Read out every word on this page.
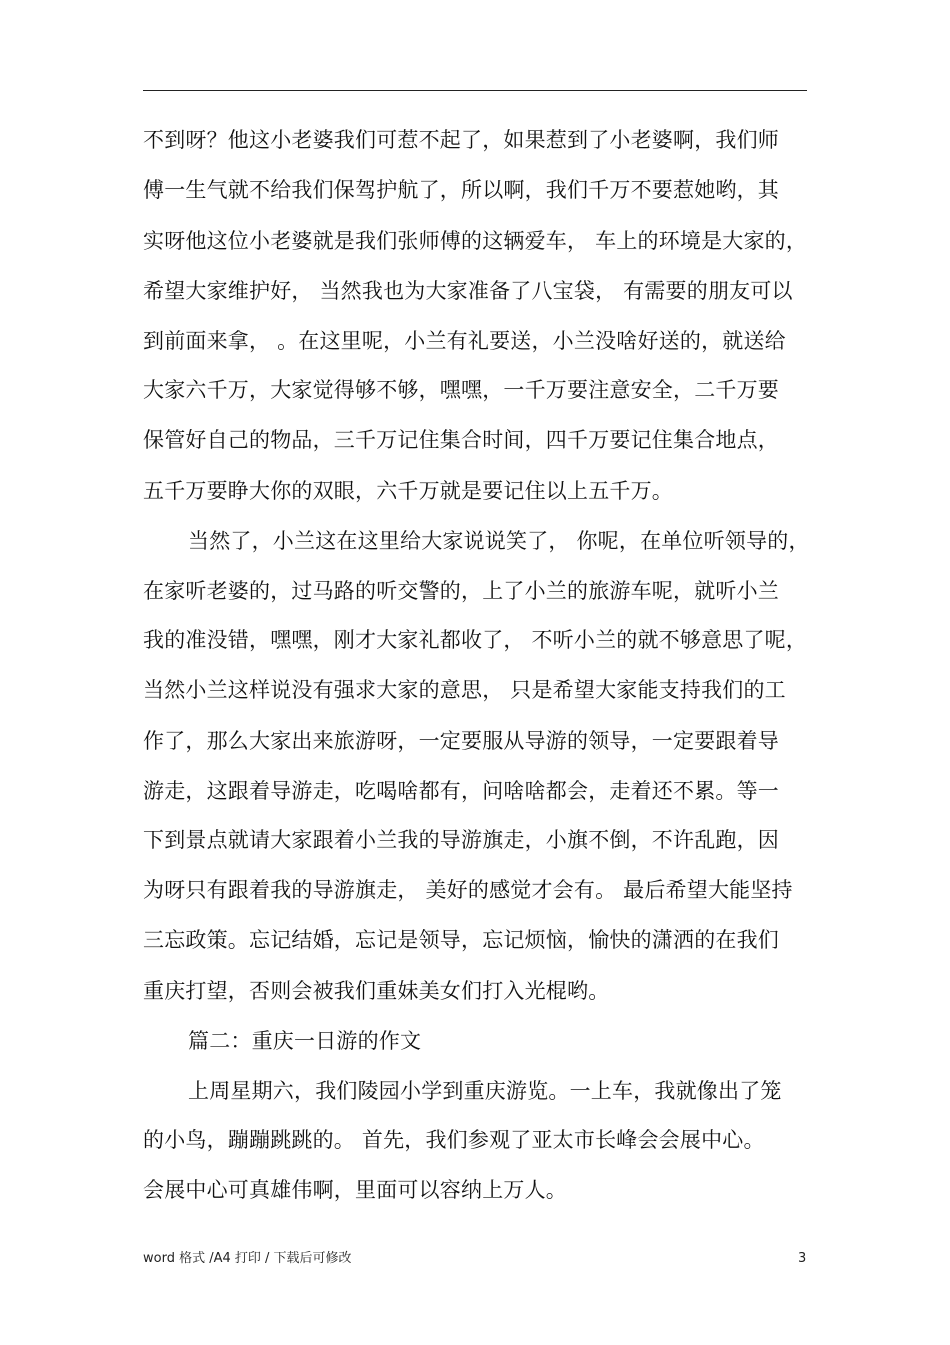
不到呀？他这小老婆我们可惹不起了，如果惹到了小老婆啊，我们师
傅一生气就不给我们保驾护航了，所以啊，我们千万不要惹她哟，其
实呀他这位小老婆就是我们张师傅的这辆爱车， 车上的环境是大家的，
希望大家维护好， 当然我也为大家准备了八宝袋， 有需要的朋友可以
到前面来拿， 。在这里呢，小兰有礼要送，小兰没啥好送的，就送给
大家六千万，大家觉得够不够，嘿嘿，一千万要注意安全，二千万要
保管好自己的物品，三千万记住集合时间，四千万要记住集合地点，
五千万要睁大你的双眼，六千万就是要记住以上五千万。
当然了，小兰这在这里给大家说说笑了， 你呢，在单位听领导的，
在家听老婆的，过马路的听交警的，上了小兰的旅游车呢，就听小兰
我的准没错，嘿嘿，刚才大家礼都收了， 不听小兰的就不够意思了呢，
当然小兰这样说没有强求大家的意思， 只是希望大家能支持我们的工
作了，那么大家出来旅游呀，一定要服从导游的领导，一定要跟着导
游走，这跟着导游走，吃喝啥都有，问啥啥都会，走着还不累。等一
下到景点就请大家跟着小兰我的导游旗走，小旗不倒，不许乱跑，因
为呀只有跟着我的导游旗走， 美好的感觉才会有。 最后希望大能坚持
三忘政策。忘记结婚，忘记是领导，忘记烦恼，愉快的潇洒的在我们
重庆打望，否则会被我们重妹美女们打入光棍哟。
篇二：重庆一日游的作文
上周星期六，我们陵园小学到重庆游览。一上车，我就像出了笼
的小鸟，蹦蹦跳跳的。 首先，我们参观了亚太市长峰会会展中心。
会展中心可真雄伟啊，里面可以容纳上万人。
word 格式 /A4 打印 / 下载后可修改	3
